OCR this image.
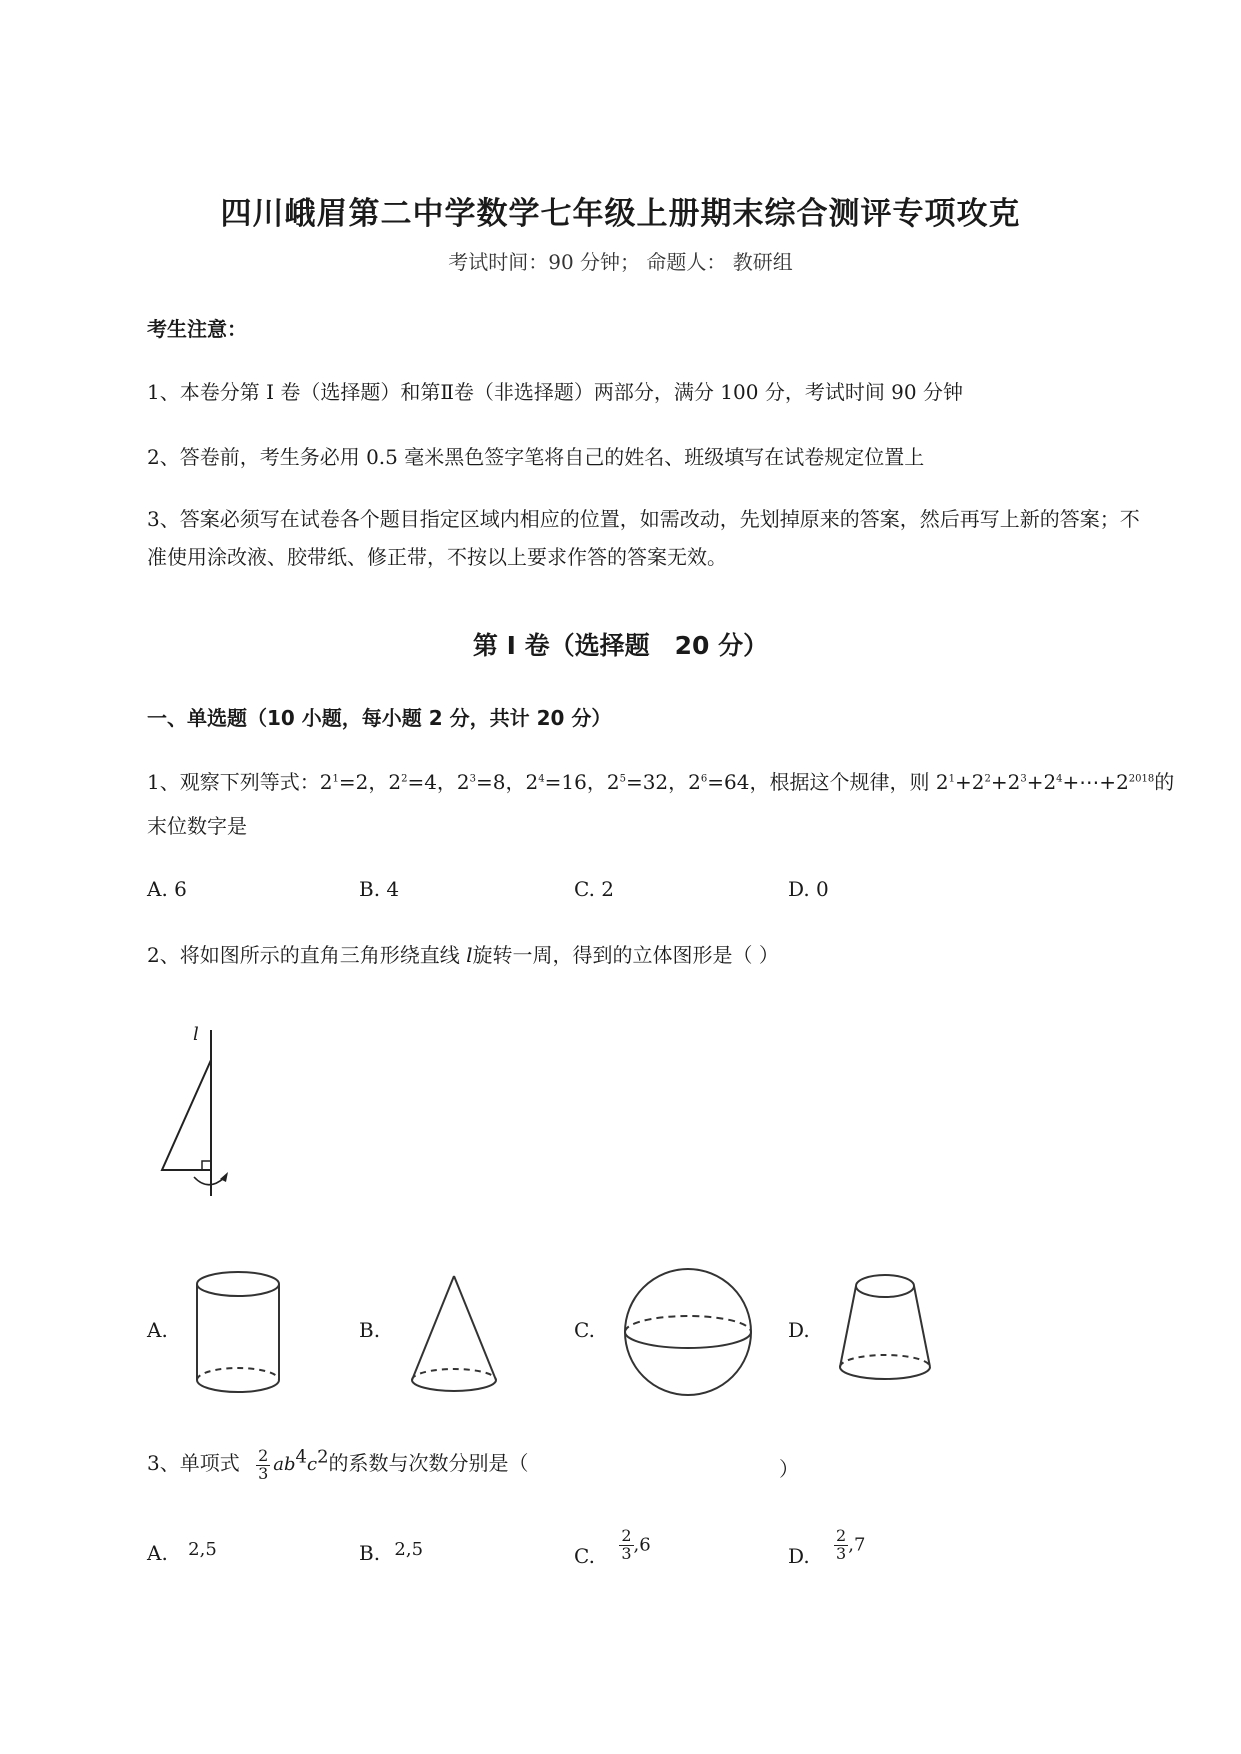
四川峨眉第二中学数学七年级上册期末综合测评专项攻克
考试时间：90 分钟； 命题人： 教研组
考生注意：
1、本卷分第 I 卷（选择题）和第Ⅱ卷（非选择题）两部分，满分 100 分，考试时间 90 分钟
2、答卷前，考生务必用 0.5 毫米黑色签字笔将自己的姓名、班级填写在试卷规定位置上
3、答案必须写在试卷各个题目指定区域内相应的位置，如需改动，先划掉原来的答案，然后再写上新的答案；不准使用涂改液、胶带纸、修正带，不按以上要求作答的答案无效。
第 I 卷（选择题　20 分）
一、单选题（10 小题，每小题 2 分，共计 20 分）
1、观察下列等式：$2^1=2$，$2^2=4$，$2^3=8$，$2^4=16$，$2^5=32$，$2^6=64$，根据这个规律，则 $2^1+2^2+2^3+2^4+\cdots+2^{2018}$的
末位数字是
A. 6	B. 4	C. 2	D. 0
2、将如图所示的直角三角形绕直线 l旋转一周，得到的立体图形是（ ）
l
A.	B.	C.	D.
3、单项式 $\frac{2}{3} ab^4c^2$的系数与次数分别是（	）
A. 2,5	B. 2,5	C. $\frac{2}{3} ,6$	D. $\frac{2}{3} ,7$
